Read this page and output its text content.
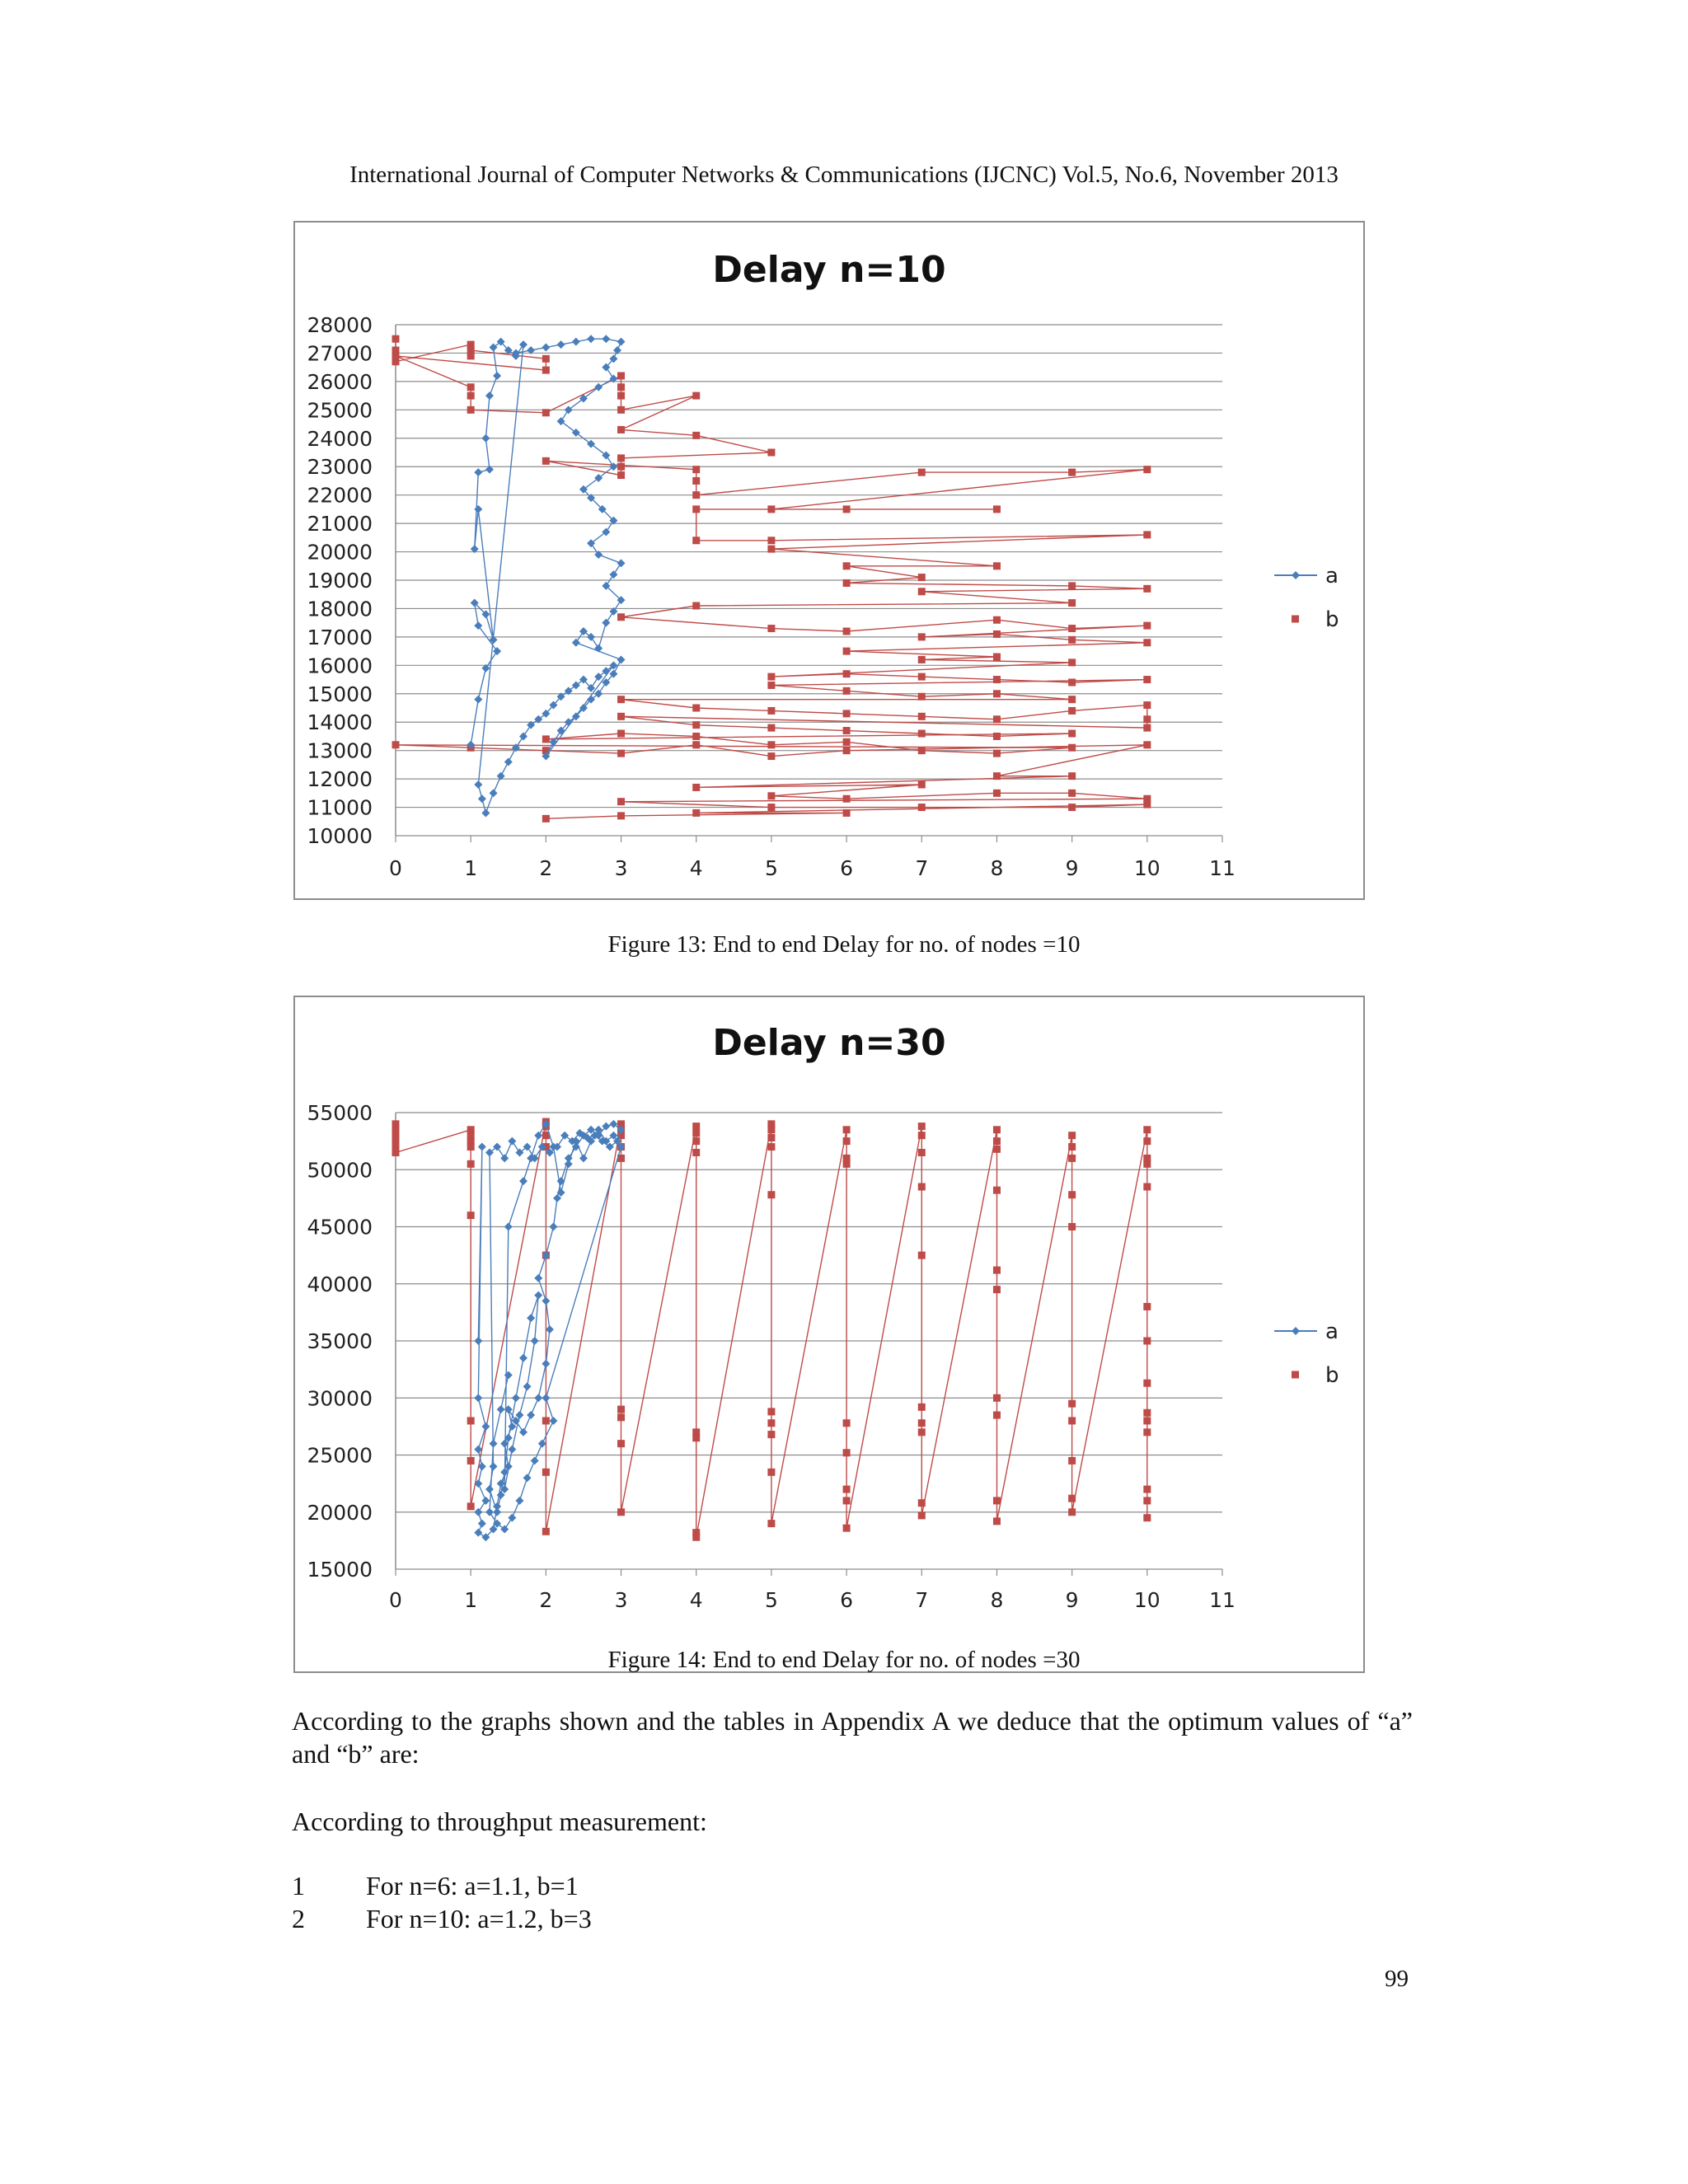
International Journal of Computer Networks & Communications (IJCNC) Vol.5, No.6, November 2013
Delay n=10
10000
11000
12000
13000
14000
15000
16000
17000
18000
19000
20000
21000
22000
23000
24000
25000
26000
27000
28000
0	1	2	3	4	5	6	7	8	9	10 11
a
b
Figure 13: End to end Delay for no. of nodes =10
Delay n=30
15000
20000
25000
30000
35000
40000
45000
50000
55000
0	1	2	3	4	5	6	7	8	9	10 11
a
b
Figure 14: End to end Delay for no. of nodes =30
According to the graphs shown and the tables in Appendix A we deduce that the optimum values of “a” and “b” are:
According to throughput measurement:
1 For n=6: a=1.1, b=1
2 For n=10: a=1.2, b=3
99
